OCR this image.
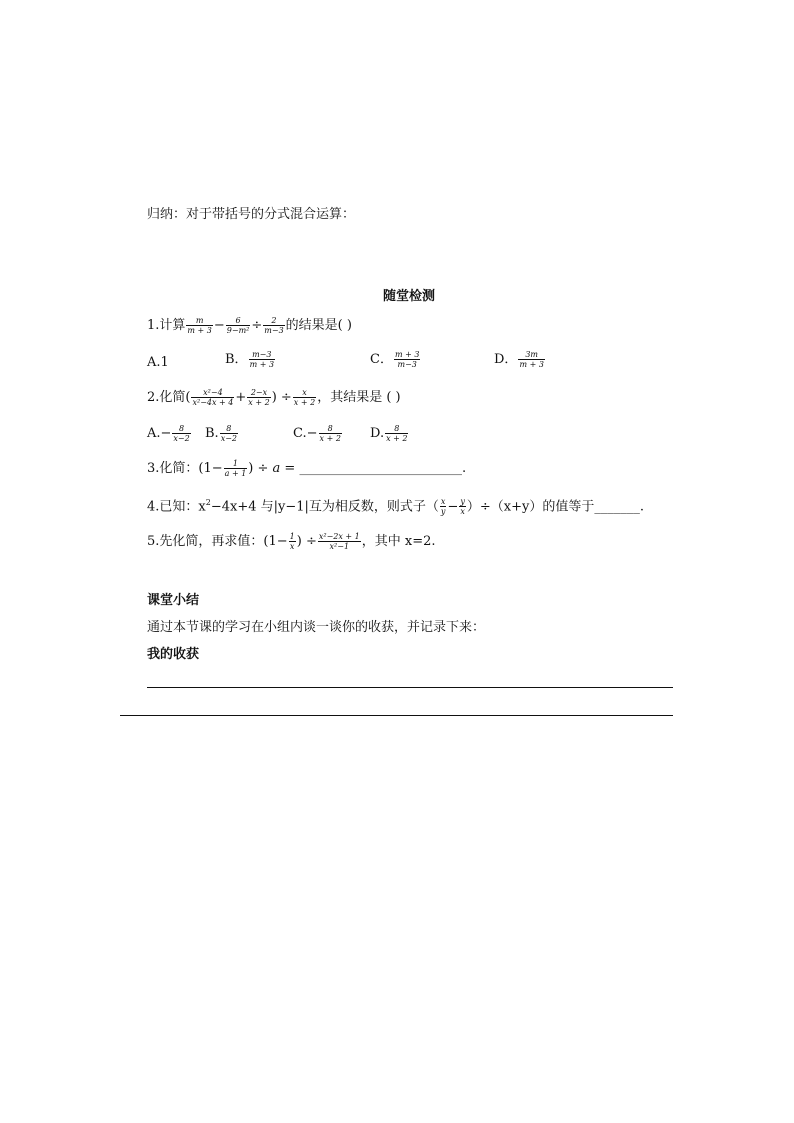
归纳：对于带括号的分式混合运算：
随堂检测
1.计算 $\frac{m}{m + 3} - \frac{6}{\text{9−m²}} \div \frac{2}{m-3}$ 的结果是( )
A.1	B． $\frac{m-3}{m + 3}$	C． $\frac{m + 3}{m-3}$	D． $\frac{3m}{m + 3}$
2.化简( $\frac{\text{x²−4}}{\text{x²−4x + 4}} + \frac{2-x}{x + 2}$ ) ÷ $\frac{x}{x + 2}$ ，其结果是 ( )
$A.- \frac{8}{x-2} B$. $\frac{8}{x-2}$	$C.- \frac{8}{x + 2} D$. $\frac{8}{x + 2}$
3.化简：($1- \frac{1}{a + 1}$ ) ÷ a = _________________________.
4.已知：$x^2-4x+4$ 与|y−1|互为相反数，则式子（ $\frac{x}{y} - \frac{y}{x} )\div(x+y)$的值等于_______.
5.先化简，再求值：($1- \frac{1}{x}$ ) ÷ $\frac{\text{x²−2x + 1}}{\text{x²−1}}$ ，其中 x=2.
课堂小结
通过本节课的学习在小组内谈一谈你的收获，并记录下来：
我的收获
